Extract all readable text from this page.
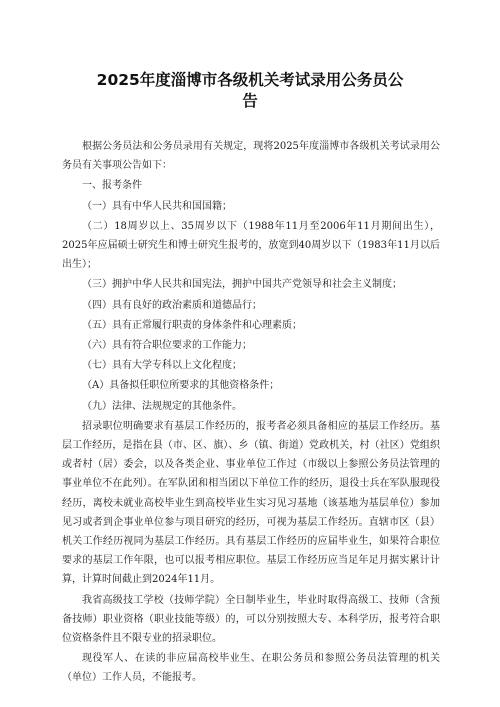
2025年度淄博市各级机关考试录用公务员公告

根据公务员法和公务员录用有关规定，现将2025年度淄博市各级机关考试录用公务员有关事项公告如下：

一、报考条件

（一）具有中华人民共和国国籍；

（二）18周岁以上、35周岁以下（1988年11月至2006年11月期间出生），2025年应届硕士研究生和博士研究生报考的，放宽到40周岁以下（1983年11月以后出生）；

（三）拥护中华人民共和国宪法，拥护中国共产党领导和社会主义制度；

（四）具有良好的政治素质和道德品行；

（五）具有正常履行职责的身体条件和心理素质；

（六）具有符合职位要求的工作能力；

（七）具有大学专科以上文化程度；

（A）具备拟任职位所要求的其他资格条件；

（九）法律、法规规定的其他条件。

招录职位明确要求有基层工作经历的，报考者必须具备相应的基层工作经历。基层工作经历，是指在县（市、区、旗）、乡（镇、街道）党政机关，村（社区）党组织或者村（居）委会，以及各类企业、事业单位工作过（市级以上参照公务员法管理的事业单位不在此列）。在军队团和相当团以下单位工作的经历，退役士兵在军队服现役经历，离校未就业高校毕业生到高校毕业生实习见习基地（该基地为基层单位）参加见习或者到企事业单位参与项目研究的经历，可视为基层工作经历。直辖市区（县）机关工作经历视同为基层工作经历。具有基层工作经历的应届毕业生，如果符合职位要求的基层工作年限，也可以报考相应职位。基层工作经历应当足年足月据实累计计算，计算时间截止到2024年11月。

我省高级技工学校（技师学院）全日制毕业生，毕业时取得高级工、技师（含预备技师）职业资格（职业技能等级）的，可以分别按照大专、本科学历，报考符合职位资格条件且不限专业的招录职位。

现役军人、在读的非应届高校毕业生、在职公务员和参照公务员法管理的机关（单位）工作人员，不能报考。
